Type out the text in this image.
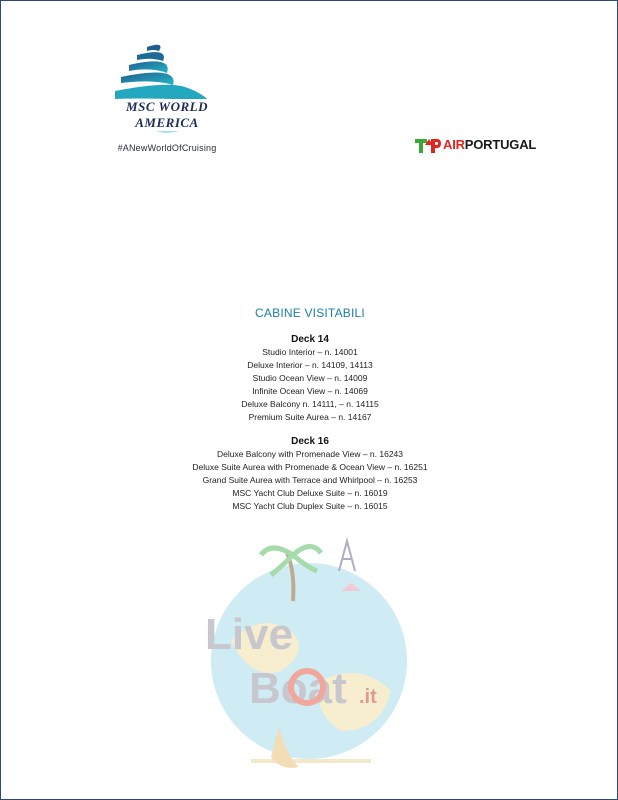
MSC WORLD AMERICA
#ANewWorldOfCruising	AIRPORTUGAL
CABINE VISITABILI
Deck 14
Studio Interior – n. 14001
Deluxe Interior – n. 14109, 14113
Studio Ocean View – n. 14009
Infinite Ocean View – n. 14069
Deluxe Balcony n. 14111, – n. 14115
Premium Suite Aurea – n. 14167
Deck 16
Deluxe Balcony with Promenade View – n. 16243
Deluxe Suite Aurea with Promenade & Ocean View – n. 16251
Grand Suite Aurea with Terrace and Whirlpool – n. 16253
MSC Yacht Club Deluxe Suite – n. 16019
MSC Yacht Club Duplex Suite – n. 16015
Live
Boat .it
